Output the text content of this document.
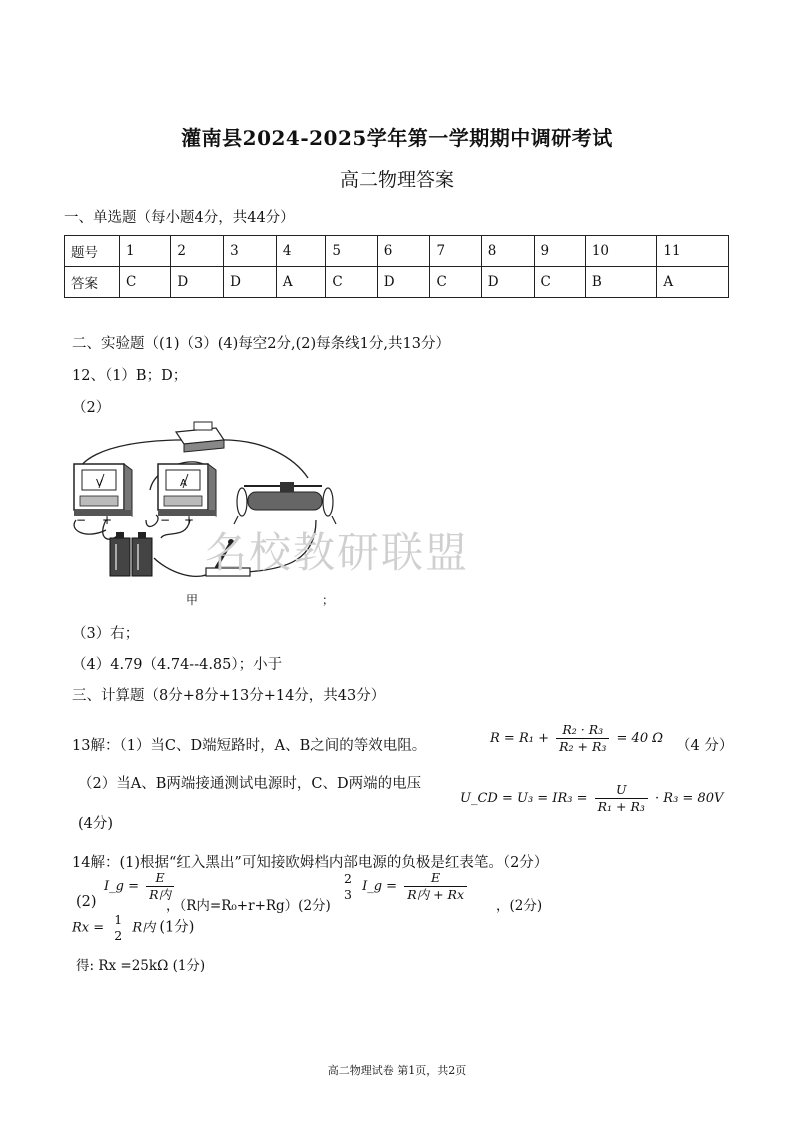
灌南县2024-2025学年第一学期期中调研考试
高二物理答案
一、单选题（每小题4分，共44分）
题号	1	2	3	4	5	6	7	8	9	10	11
答案	C	D	D	A	C	D	C	D	C	B	A
二、实验题（(1)（3）(4)每空2分,(2)每条线1分,共13分）
12、（1）B；D；
（2）
V
− +
A
− +
甲	；
名校教研联盟
（3）右；
（4）4.79（4.74--4.85）；小于
三、计算题（8分+8分+13分+14分，共43分）
13解：（1）当C、D端短路时，A、B之间的等效电阻。	$R = R_1 + \frac{\text{R₂ · R₃}}{\text{R₂ + R₃}} = 40$ Ω （4 分）
（2）当A、B两端接通测试电源时，C、D两端的电压
U_CD = $U_3 = IR_3 = \frac{U}{\text{R₁ + R₃}} \cdot R_3 = 80V$
(4分)
14解：(1)根据“红入黑出”可知接欧姆档内部电源的负极是红表笔。（2分）
(2)
I_g = $\frac{E}{\text{R内}}$
，（R内=R₀+r+Rg）(2分)
2
3 I_g = $\frac{E}{\text{R内 + Rx}}$
，(2分)
Rx =
1
2 R内 (1分)
得: Rx =25kΩ (1分)
高二物理试卷 第1页，共2页
